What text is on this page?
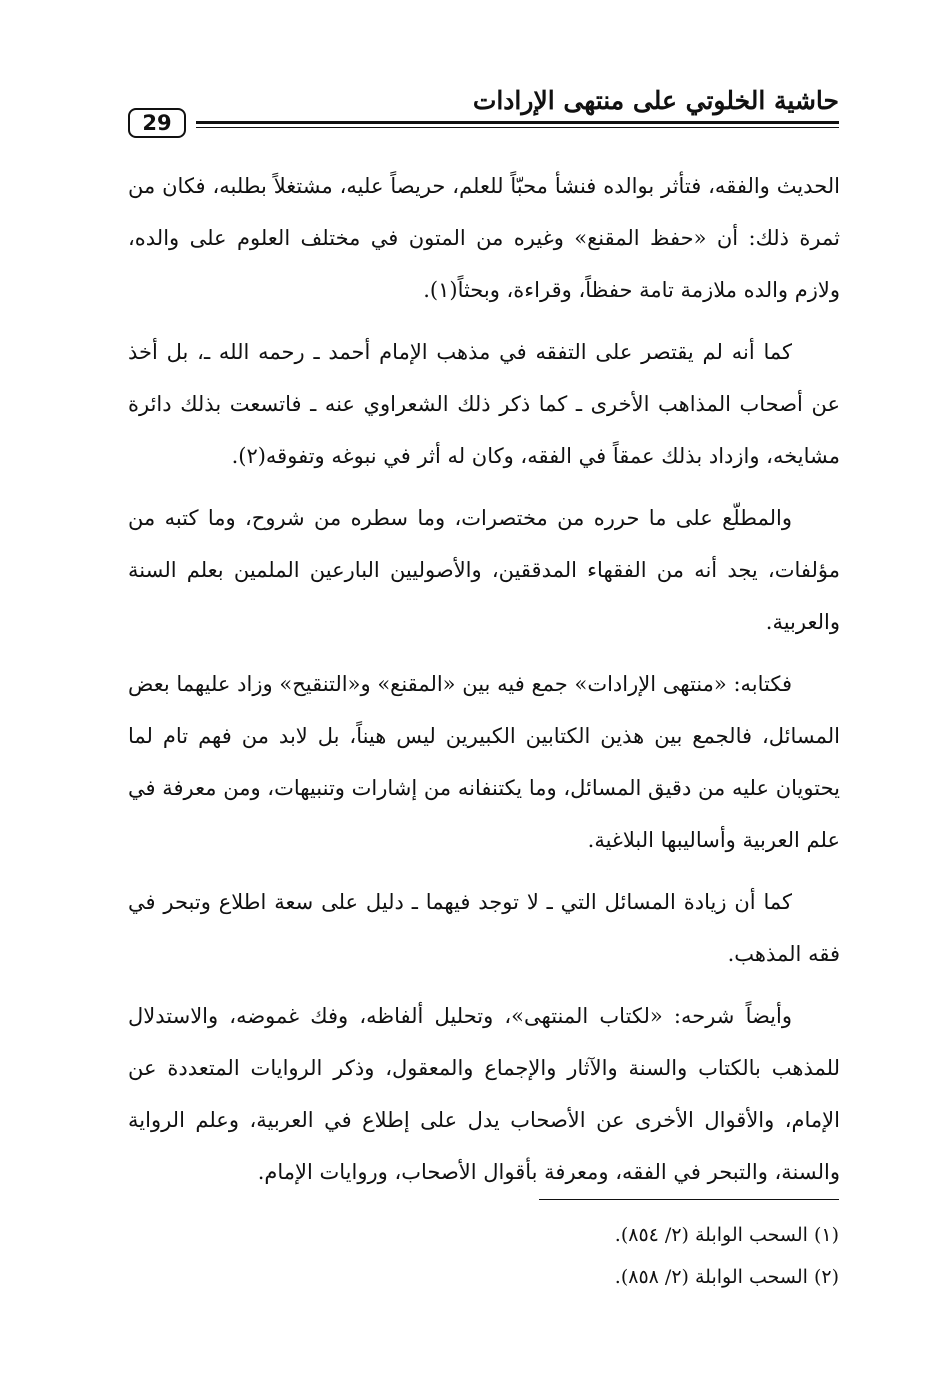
حاشية الخلوتي على منتهى الإرادات
29

الحديث والفقه، فتأثر بوالده فنشأ محبّاً للعلم، حريصاً عليه، مشتغلاً بطلبه، فكان من ثمرة ذلك: أن «حفظ المقنع» وغيره من المتون في مختلف العلوم على والده، ولازم والده ملازمة تامة حفظاً، وقراءة، وبحثاً(١).

كما أنه لم يقتصر على التفقه في مذهب الإمام أحمد ـ رحمه الله ـ، بل أخذ عن أصحاب المذاهب الأخرى ـ كما ذكر ذلك الشعراوي عنه ـ فاتسعت بذلك دائرة مشايخه، وازداد بذلك عمقاً في الفقه، وكان له أثر في نبوغه وتفوقه(٢).

والمطلّع على ما حرره من مختصرات، وما سطره من شروح، وما كتبه من مؤلفات، يجد أنه من الفقهاء المدققين، والأصوليين البارعين الملمين بعلم السنة والعربية.

فكتابه: «منتهى الإرادات» جمع فيه بين «المقنع» و«التنقيح» وزاد عليهما بعض المسائل، فالجمع بين هذين الكتابين الكبيرين ليس هيناً، بل لابد من فهم تام لما يحتويان عليه من دقيق المسائل، وما يكتنفانه من إشارات وتنبيهات، ومن معرفة في علم العربية وأساليبها البلاغية.

كما أن زيادة المسائل التي ـ لا توجد فيهما ـ دليل على سعة اطلاع وتبحر في فقه المذهب.

وأيضاً شرحه: «لكتاب المنتهى»، وتحليل ألفاظه، وفك غموضه، والاستدلال للمذهب بالكتاب والسنة والآثار والإجماع والمعقول، وذكر الروايات المتعددة عن الإمام، والأقوال الأخرى عن الأصحاب يدل على إطلاع في العربية، وعلم الرواية والسنة، والتبحر في الفقه، ومعرفة بأقوال الأصحاب، وروايات الإمام.

(١) السحب الوابلة (٢/ ٨٥٤).

(٢) السحب الوابلة (٢/ ٨٥٨).
